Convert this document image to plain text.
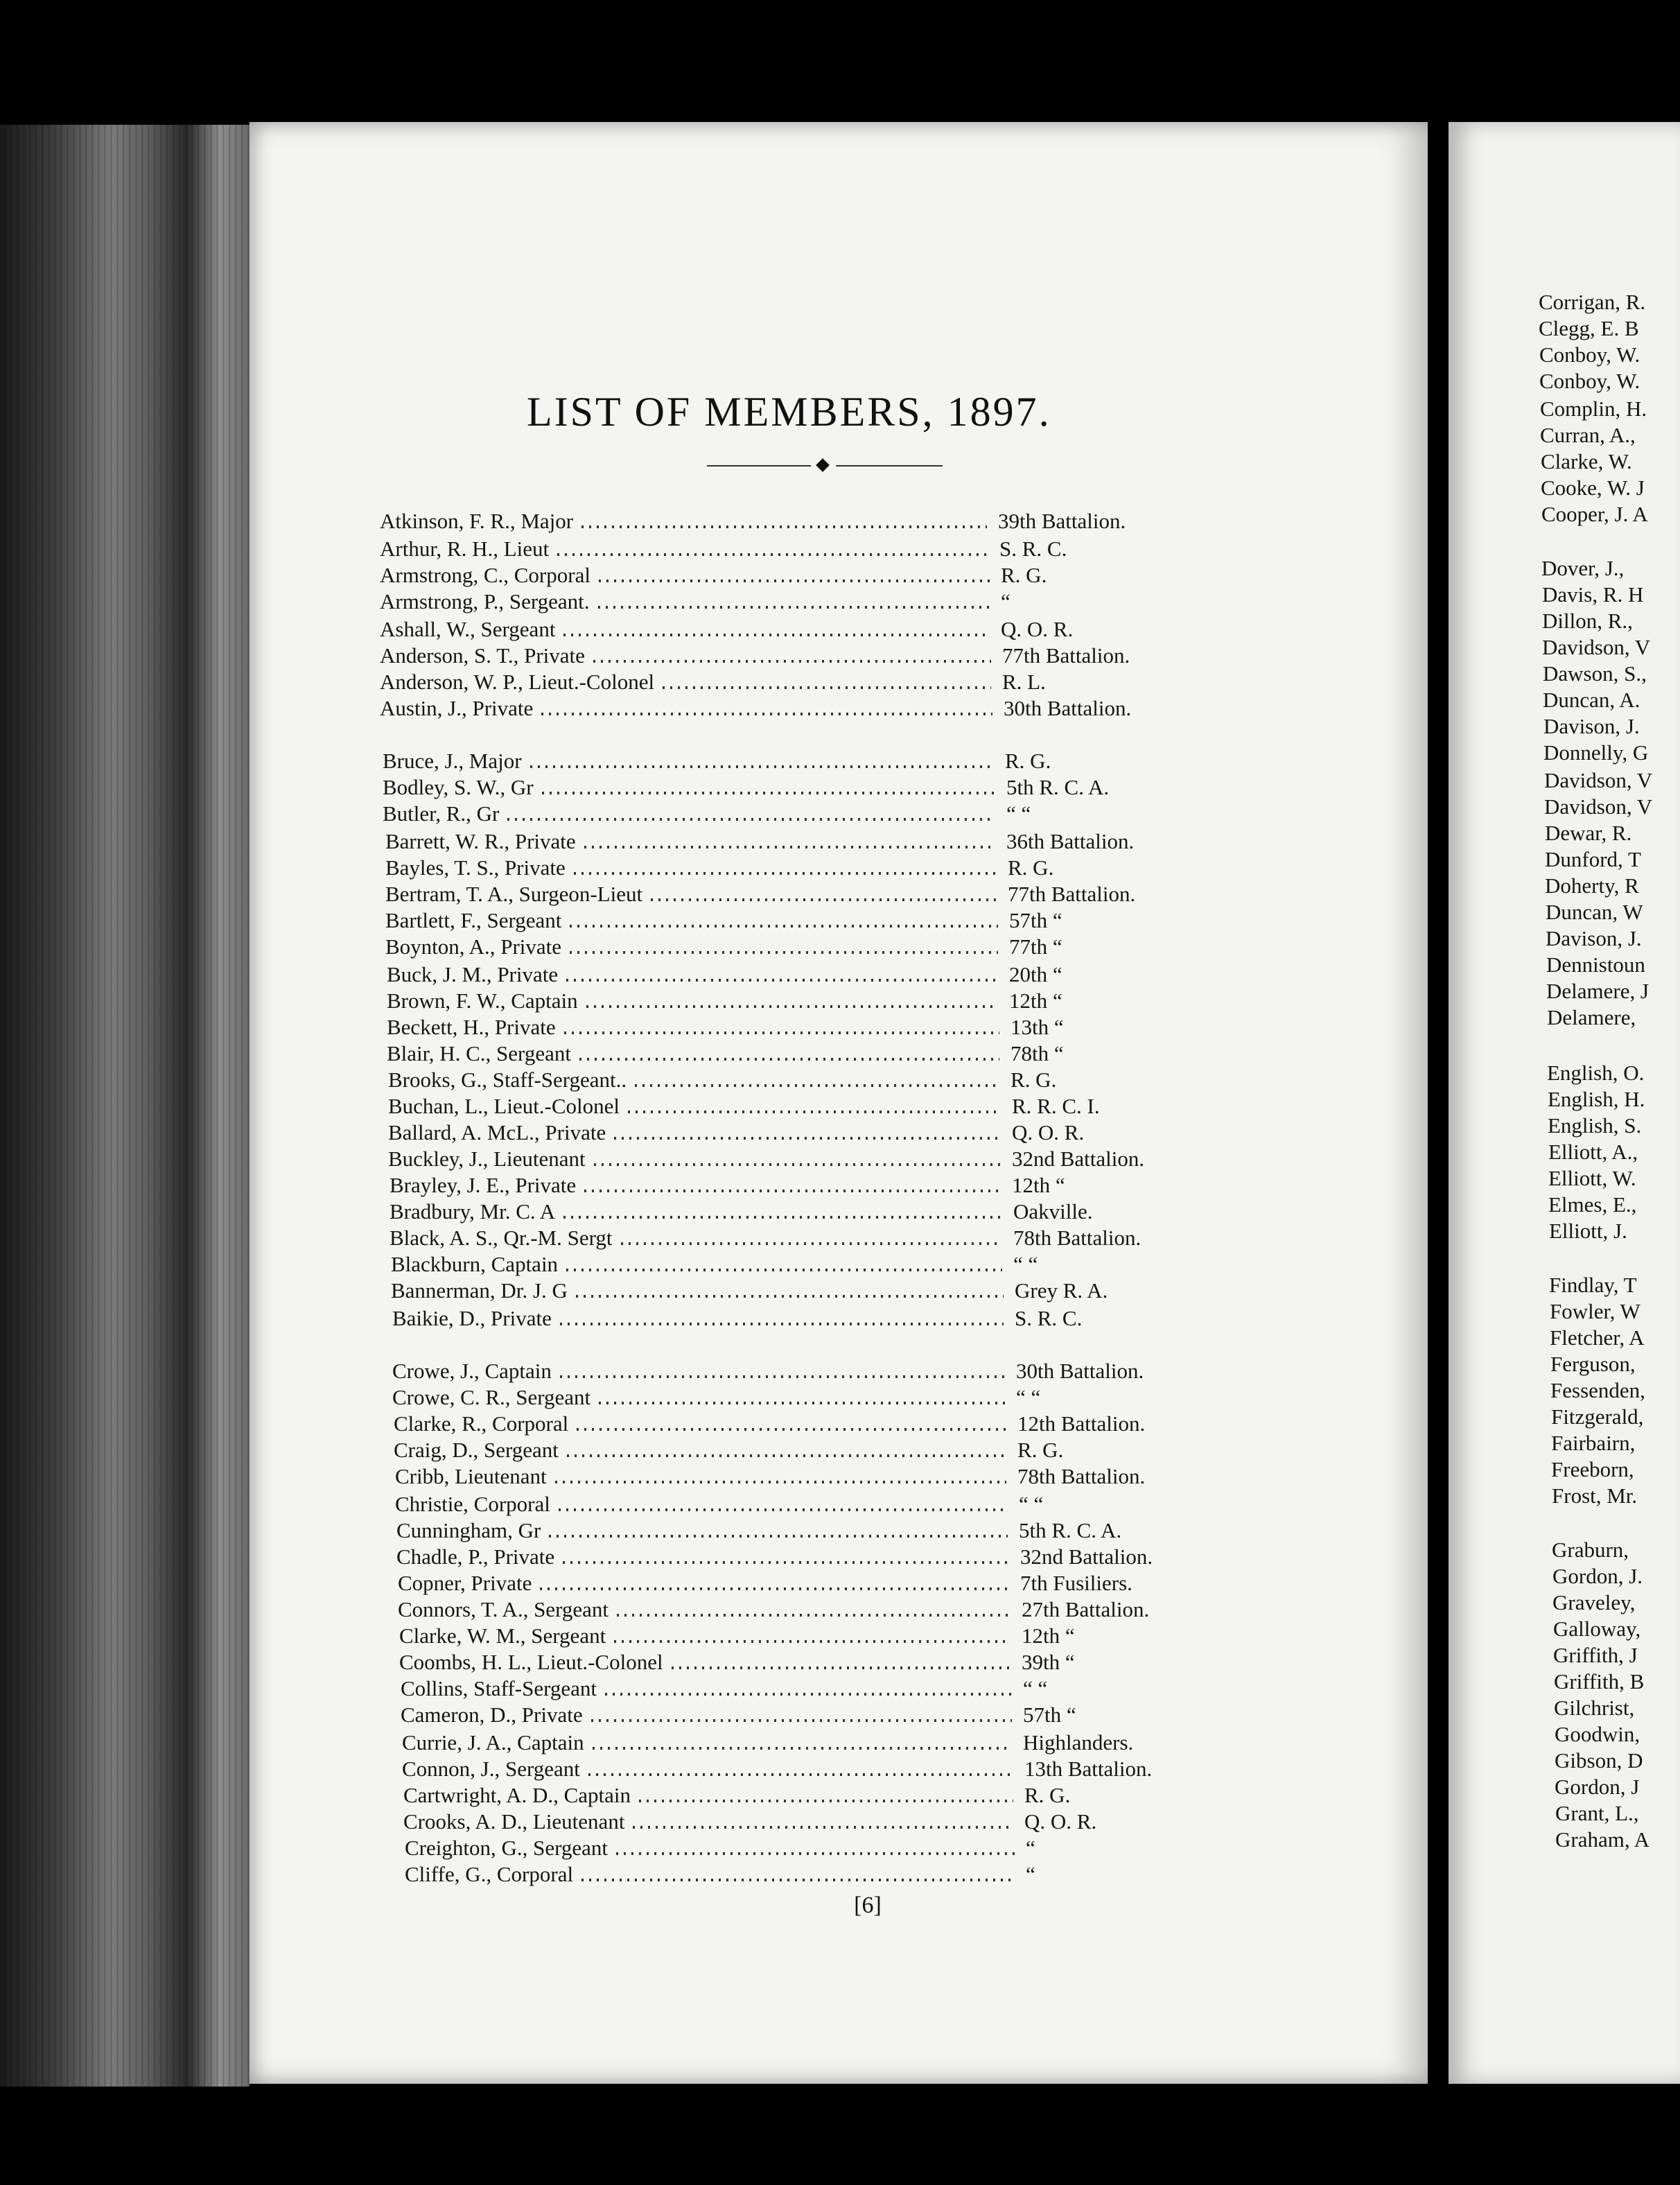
Corrigan, R.
Clegg, E. B
Conboy, W.
Conboy, W.
Complin, H.
Curran, A.,
Clarke, W.
Cooke, W. J
Cooper, J. A
Dover, J.,
Davis, R. H
Dillon, R.,
Davidson, V
Dawson, S.,
Duncan, A.
Davison, J.
Donnelly, G
Davidson, V
Davidson, V
Dewar, R.
Dunford, T
Doherty, R
Duncan, W
Davison, J.
Dennistoun
Delamere, J
Delamere,
English, O.
English, H.
English, S.
Elliott, A.,
Elliott, W.
Elmes, E.,
Elliott, J.
Findlay, T
Fowler, W
Fletcher, A
Ferguson,
Fessenden,
Fitzgerald,
Fairbairn,
Freeborn,
Frost, Mr.
Graburn,
Gordon, J.
Graveley,
Galloway,
Griffith, J
Griffith, B
Gilchrist,
Goodwin,
Gibson, D
Gordon, J
Grant, L.,
Graham, A
LIST OF MEMBERS, 1897.
Atkinson, F. R., Major	39th Battalion.
Arthur, R. H., Lieut	S. R. C.
Armstrong, C., Corporal	R. G.
Armstrong, P., Sergeant.	“
Ashall, W., Sergeant	Q. O. R.
Anderson, S. T., Private	77th Battalion.
Anderson, W. P., Lieut.-Colonel	R. L.
Austin, J., Private	30th Battalion.
Bruce, J., Major	R. G.
Bodley, S. W., Gr	5th R. C. A.
Butler, R., Gr	“ “
Barrett, W. R., Private	36th Battalion.
Bayles, T. S., Private	R. G.
Bertram, T. A., Surgeon-Lieut	77th Battalion.
Bartlett, F., Sergeant	57th “
Boynton, A., Private	77th “
Buck, J. M., Private	20th “
Brown, F. W., Captain	12th “
Beckett, H., Private	13th “
Blair, H. C., Sergeant	78th “
Brooks, G., Staff-Sergeant..	R. G.
Buchan, L., Lieut.-Colonel	R. R. C. I.
Ballard, A. McL., Private	Q. O. R.
Buckley, J., Lieutenant	32nd Battalion.
Brayley, J. E., Private	12th “
Bradbury, Mr. C. A	Oakville.
Black, A. S., Qr.-M. Sergt	78th Battalion.
Blackburn, Captain	“ “
Bannerman, Dr. J. G	Grey R. A.
Baikie, D., Private	S. R. C.
Crowe, J., Captain	30th Battalion.
Crowe, C. R., Sergeant	“ “
Clarke, R., Corporal	12th Battalion.
Craig, D., Sergeant	R. G.
Cribb, Lieutenant	78th Battalion.
Christie, Corporal	“ “
Cunningham, Gr	5th R. C. A.
Chadle, P., Private	32nd Battalion.
Copner, Private	7th Fusiliers.
Connors, T. A., Sergeant	27th Battalion.
Clarke, W. M., Sergeant	12th “
Coombs, H. L., Lieut.-Colonel	39th “
Collins, Staff-Sergeant	“ “
Cameron, D., Private	57th “
Currie, J. A., Captain	Highlanders.
Connon, J., Sergeant	13th Battalion.
Cartwright, A. D., Captain	R. G.
Crooks, A. D., Lieutenant	Q. O. R.
Creighton, G., Sergeant	“
Cliffe, G., Corporal	“
[6]
